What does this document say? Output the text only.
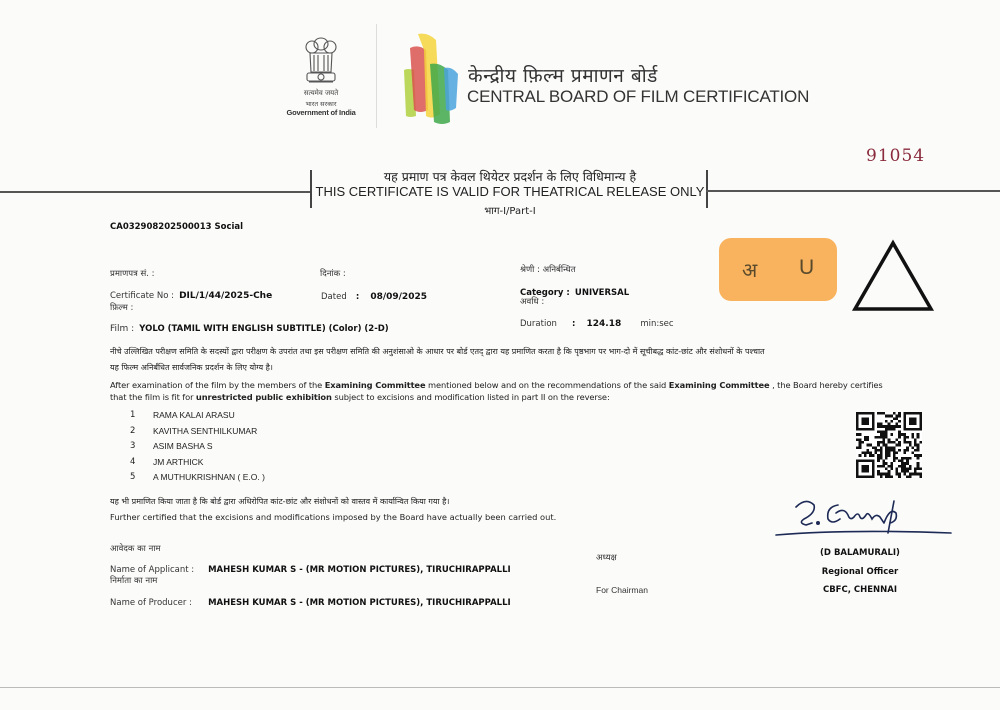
सत्यमेव जयते
भारत सरकार
Government of India
केन्द्रीय फ़िल्म प्रमाणन बोर्ड
CENTRAL BOARD OF FILM CERTIFICATION
91054
यह प्रमाण पत्र केवल थियेटर प्रदर्शन के लिए विधिमान्य है
THIS CERTIFICATE IS VALID FOR THEATRICAL RELEASE ONLY
भाग-I/Part-I
CA032908202500013 Social
प्रमाणपत्र सं. :
Certificate No : DIL/1/44/2025-Che
दिनांक :
Dated : 08/09/2025
श्रेणी : अनिर्बन्धित
Category : UNIVERSAL
अवधि :
Duration : 124.18 min:sec
फ़िल्म :
Film : YOLO (TAMIL WITH ENGLISH SUBTITLE) (Color) (2-D)
अ U
नीचे उल्लिखित परीक्षण समिति के सदस्यों द्वारा परीक्षण के उपरांत तथा इस परीक्षण समिति की अनुशंसाओ के आधार पर बोर्ड एतद् द्वारा यह प्रमाणित करता है कि पृष्ठभाग पर भाग-दो में सूचीबद्ध कांट-छांट और संशोधनों के पश्चात
यह फिल्म अनिर्बंधित सार्वजनिक प्रदर्शन के लिए योग्य है।
After examination of the film by the members of the Examining Committee mentioned below and on the recommendations of the said Examining Committee , the Board hereby certifies
that the film is fit for unrestricted public exhibition subject to excisions and modification listed in part II on the reverse:
1	RAMA KALAI ARASU
2	KAVITHA SENTHILKUMAR
3	ASIM BASHA S
4	JM ARTHICK
5	A MUTHUKRISHNAN ( E.O. )
यह भी प्रमाणित किया जाता है कि बोर्ड द्वारा अधिरोपित कांट-छांट और संशोधनों को वास्तव में कार्यान्वित किया गया है।
Further certified that the excisions and modifications imposed by the Board have actually been carried out.
आवेदक का नाम
Name of Applicant : MAHESH KUMAR S - (MR MOTION PICTURES), TIRUCHIRAPPALLI
निर्माता का नाम
Name of Producer : MAHESH KUMAR S - (MR MOTION PICTURES), TIRUCHIRAPPALLI
अध्यक्ष
For Chairman
(D BALAMURALI)
Regional Officer
CBFC, CHENNAI
